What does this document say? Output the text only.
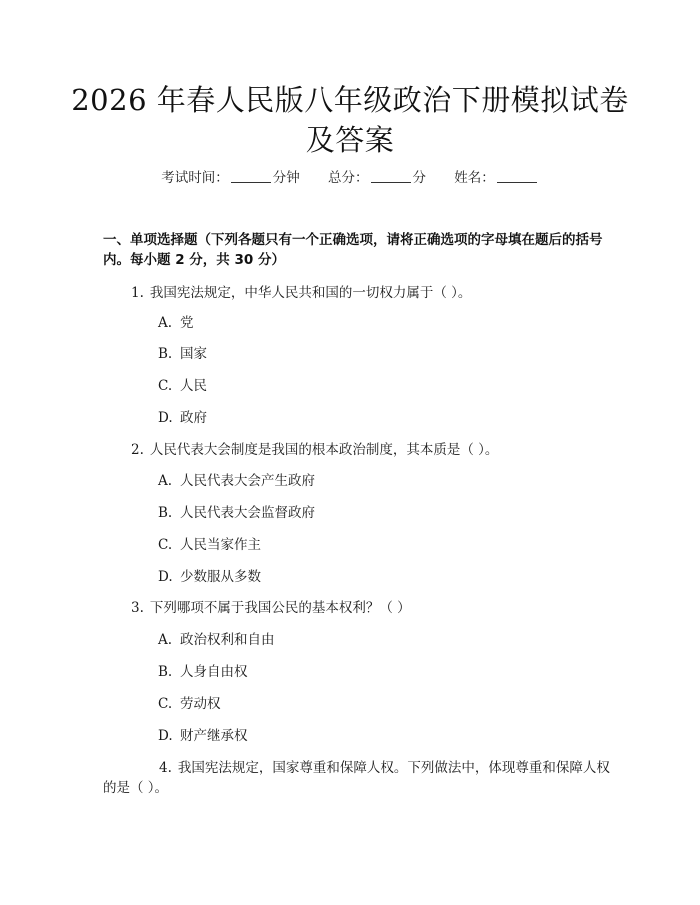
2026 年春人民版八年级政治下册模拟试卷及答案
考试时间：	分钟 总分：	分 姓名：
一、单项选择题（下列各题只有一个正确选项，请将正确选项的字母填在题后的括号内。每小题 2 分，共 30 分）
1. 我国宪法规定，中华人民共和国的一切权力属于（ ）。
A. 党
B. 国家
C. 人民
D. 政府
2. 人民代表大会制度是我国的根本政治制度，其本质是（ ）。
A. 人民代表大会产生政府
B. 人民代表大会监督政府
C. 人民当家作主
D. 少数服从多数
3. 下列哪项不属于我国公民的基本权利？（ ）
A. 政治权利和自由
B. 人身自由权
C. 劳动权
D. 财产继承权
4. 我国宪法规定，国家尊重和保障人权。下列做法中，体现尊重和保障人权的是（ ）。
